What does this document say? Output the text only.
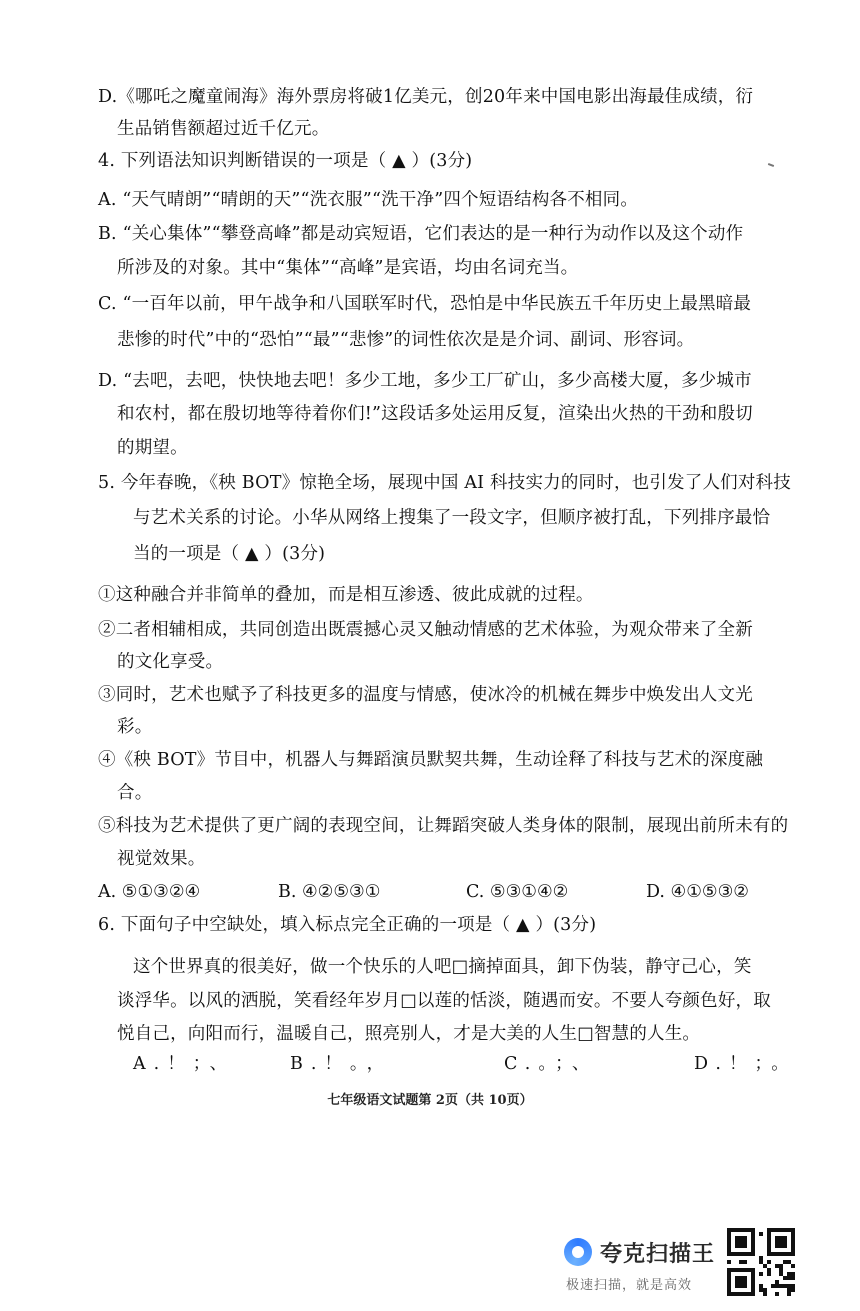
D.《哪吒之魔童闹海》海外票房将破1亿美元，创20年来中国电影出海最佳成绩，衍
生品销售额超过近千亿元。
4. 下列语法知识判断错误的一项是（ ▲ ）(3分)
A. “天气晴朗”“晴朗的天”“洗衣服”“洗干净”四个短语结构各不相同。
B. “关心集体”“攀登高峰”都是动宾短语，它们表达的是一种行为动作以及这个动作
所涉及的对象。其中“集体”“高峰”是宾语，均由名词充当。
C. “一百年以前，甲午战争和八国联军时代，恐怕是中华民族五千年历史上最黑暗最
悲惨的时代”中的“恐怕”“最”“悲惨”的词性依次是是介词、副词、形容词。
D. “去吧，去吧，快快地去吧！多少工地，多少工厂矿山，多少高楼大厦，多少城市
和农村，都在殷切地等待着你们!”这段话多处运用反复，渲染出火热的干劲和殷切
的期望。
5. 今年春晚，《秧 BOT》惊艳全场，展现中国 AI 科技实力的同时，也引发了人们对科技
与艺术关系的讨论。小华从网络上搜集了一段文字，但顺序被打乱，下列排序最恰
当的一项是（ ▲ ）(3分)
①这种融合并非简单的叠加，而是相互渗透、彼此成就的过程。
②二者相辅相成，共同创造出既震撼心灵又触动情感的艺术体验，为观众带来了全新
的文化享受。
③同时，艺术也赋予了科技更多的温度与情感，使冰冷的机械在舞步中焕发出人文光
彩。
④《秧 BOT》节目中，机器人与舞蹈演员默契共舞，生动诠释了科技与艺术的深度融
合。
⑤科技为艺术提供了更广阔的表现空间，让舞蹈突破人类身体的限制，展现出前所未有的
视觉效果。
A. ⑤①③②④	B. ④②⑤③①	C. ⑤③①④②	D. ④①⑤③②
6. 下面句子中空缺处，填入标点完全正确的一项是（ ▲ ）(3分)
这个世界真的很美好，做一个快乐的人吧□摘掉面具，卸下伪装，静守己心，笑
谈浮华。以风的洒脱，笑看经年岁月□以莲的恬淡，随遇而安。不要人夸颜色好，取
悦自己，向阳而行，温暖自己，照亮别人，才是大美的人生□智慧的人生。
A.！；、	B.！。，	C.。；、	D.！；。
七年级语文试题第 2页（共 10页）
夸克扫描王
极速扫描，就是高效
